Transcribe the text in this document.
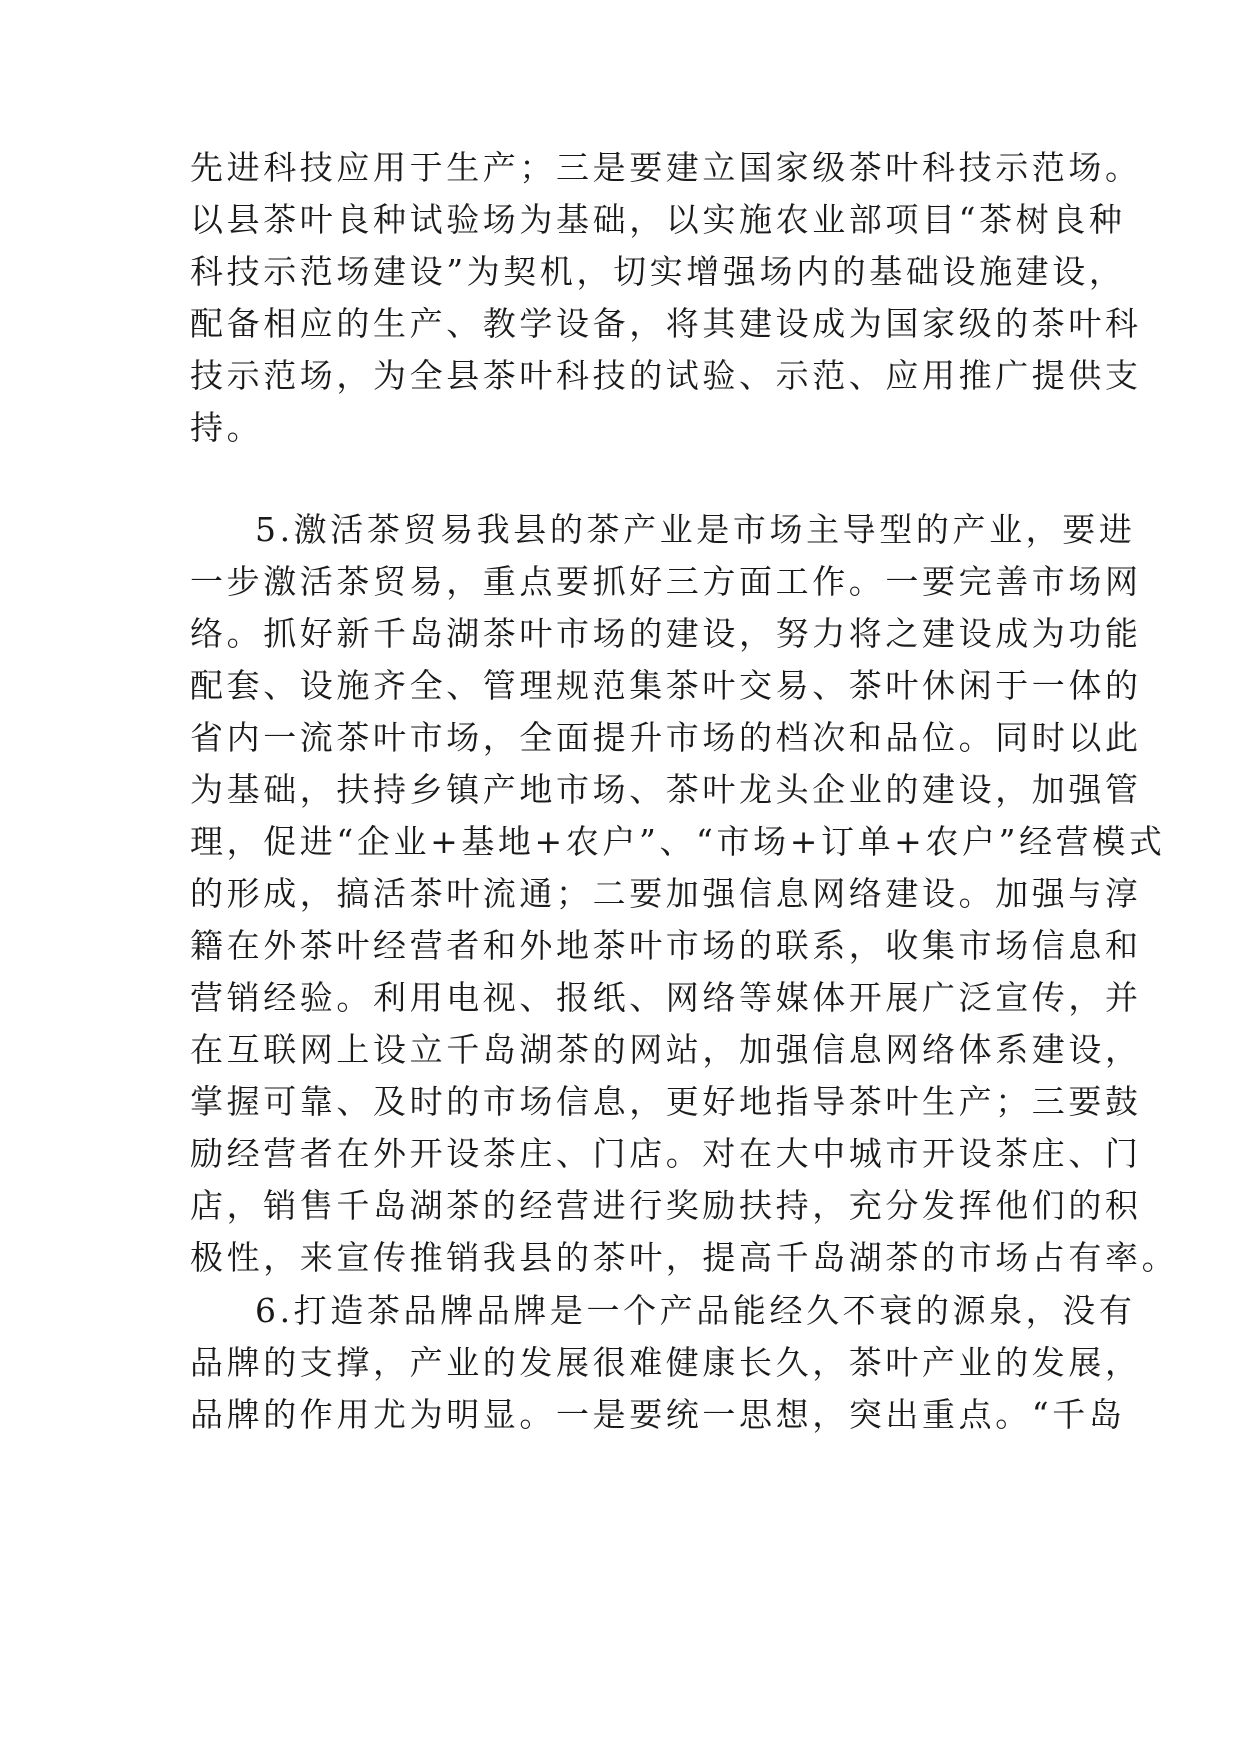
先进科技应用于生产；三是要建立国家级茶叶科技示范场。
以县茶叶良种试验场为基础，以实施农业部项目“茶树良种
科技示范场建设”为契机，切实增强场内的基础设施建设，
配备相应的生产、教学设备，将其建设成为国家级的茶叶科
技示范场，为全县茶叶科技的试验、示范、应用推广提供支
持。
5.激活茶贸易我县的茶产业是市场主导型的产业，要进
一步激活茶贸易，重点要抓好三方面工作。一要完善市场网
络。抓好新千岛湖茶叶市场的建设，努力将之建设成为功能
配套、设施齐全、管理规范集茶叶交易、茶叶休闲于一体的
省内一流茶叶市场，全面提升市场的档次和品位。同时以此
为基础，扶持乡镇产地市场、茶叶龙头企业的建设，加强管
理，促进“企业+基地+农户”、“市场+订单+农户”经营模式
的形成，搞活茶叶流通；二要加强信息网络建设。加强与淳
籍在外茶叶经营者和外地茶叶市场的联系，收集市场信息和
营销经验。利用电视、报纸、网络等媒体开展广泛宣传，并
在互联网上设立千岛湖茶的网站，加强信息网络体系建设，
掌握可靠、及时的市场信息，更好地指导茶叶生产；三要鼓
励经营者在外开设茶庄、门店。对在大中城市开设茶庄、门
店，销售千岛湖茶的经营进行奖励扶持，充分发挥他们的积
极性，来宣传推销我县的茶叶，提高千岛湖茶的市场占有率。
6.打造茶品牌品牌是一个产品能经久不衰的源泉，没有
品牌的支撑，产业的发展很难健康长久，茶叶产业的发展，
品牌的作用尤为明显。一是要统一思想，突出重点。“千岛
